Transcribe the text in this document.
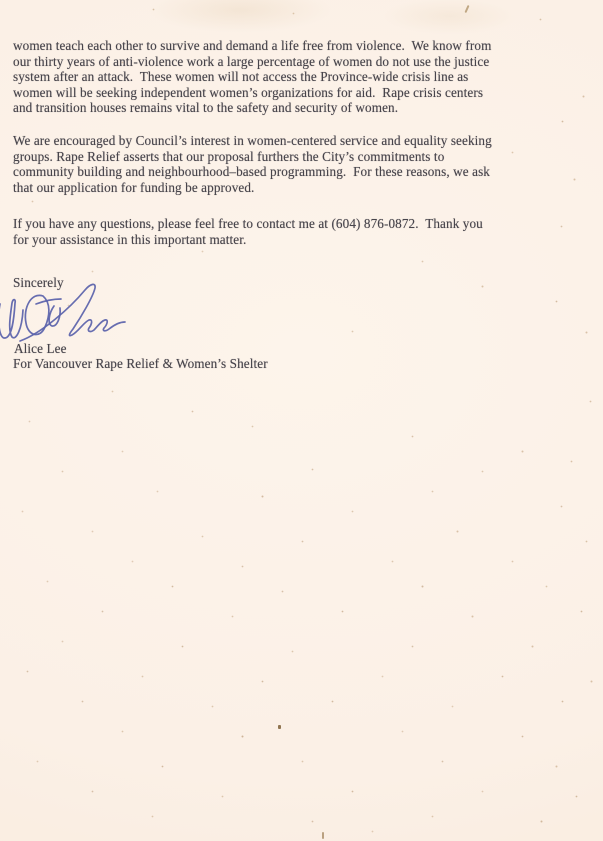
women teach each other to survive and demand a life free from violence.  We know from
our thirty years of anti-violence work a large percentage of women do not use the justice
system after an attack.  These women will not access the Province-wide crisis line as
women will be seeking independent women’s organizations for aid.  Rape crisis centers
and transition houses remains vital to the safety and security of women.
We are encouraged by Council’s interest in women-centered service and equality seeking
groups. Rape Relief asserts that our proposal furthers the City’s commitments to
community building and neighbourhood–based programming.  For these reasons, we ask
that our application for funding be approved.
If you have any questions, please feel free to contact me at (604) 876-0872.  Thank you
for your assistance in this important matter.
Sincerely
Alice Lee
For Vancouver Rape Relief & Women’s Shelter
